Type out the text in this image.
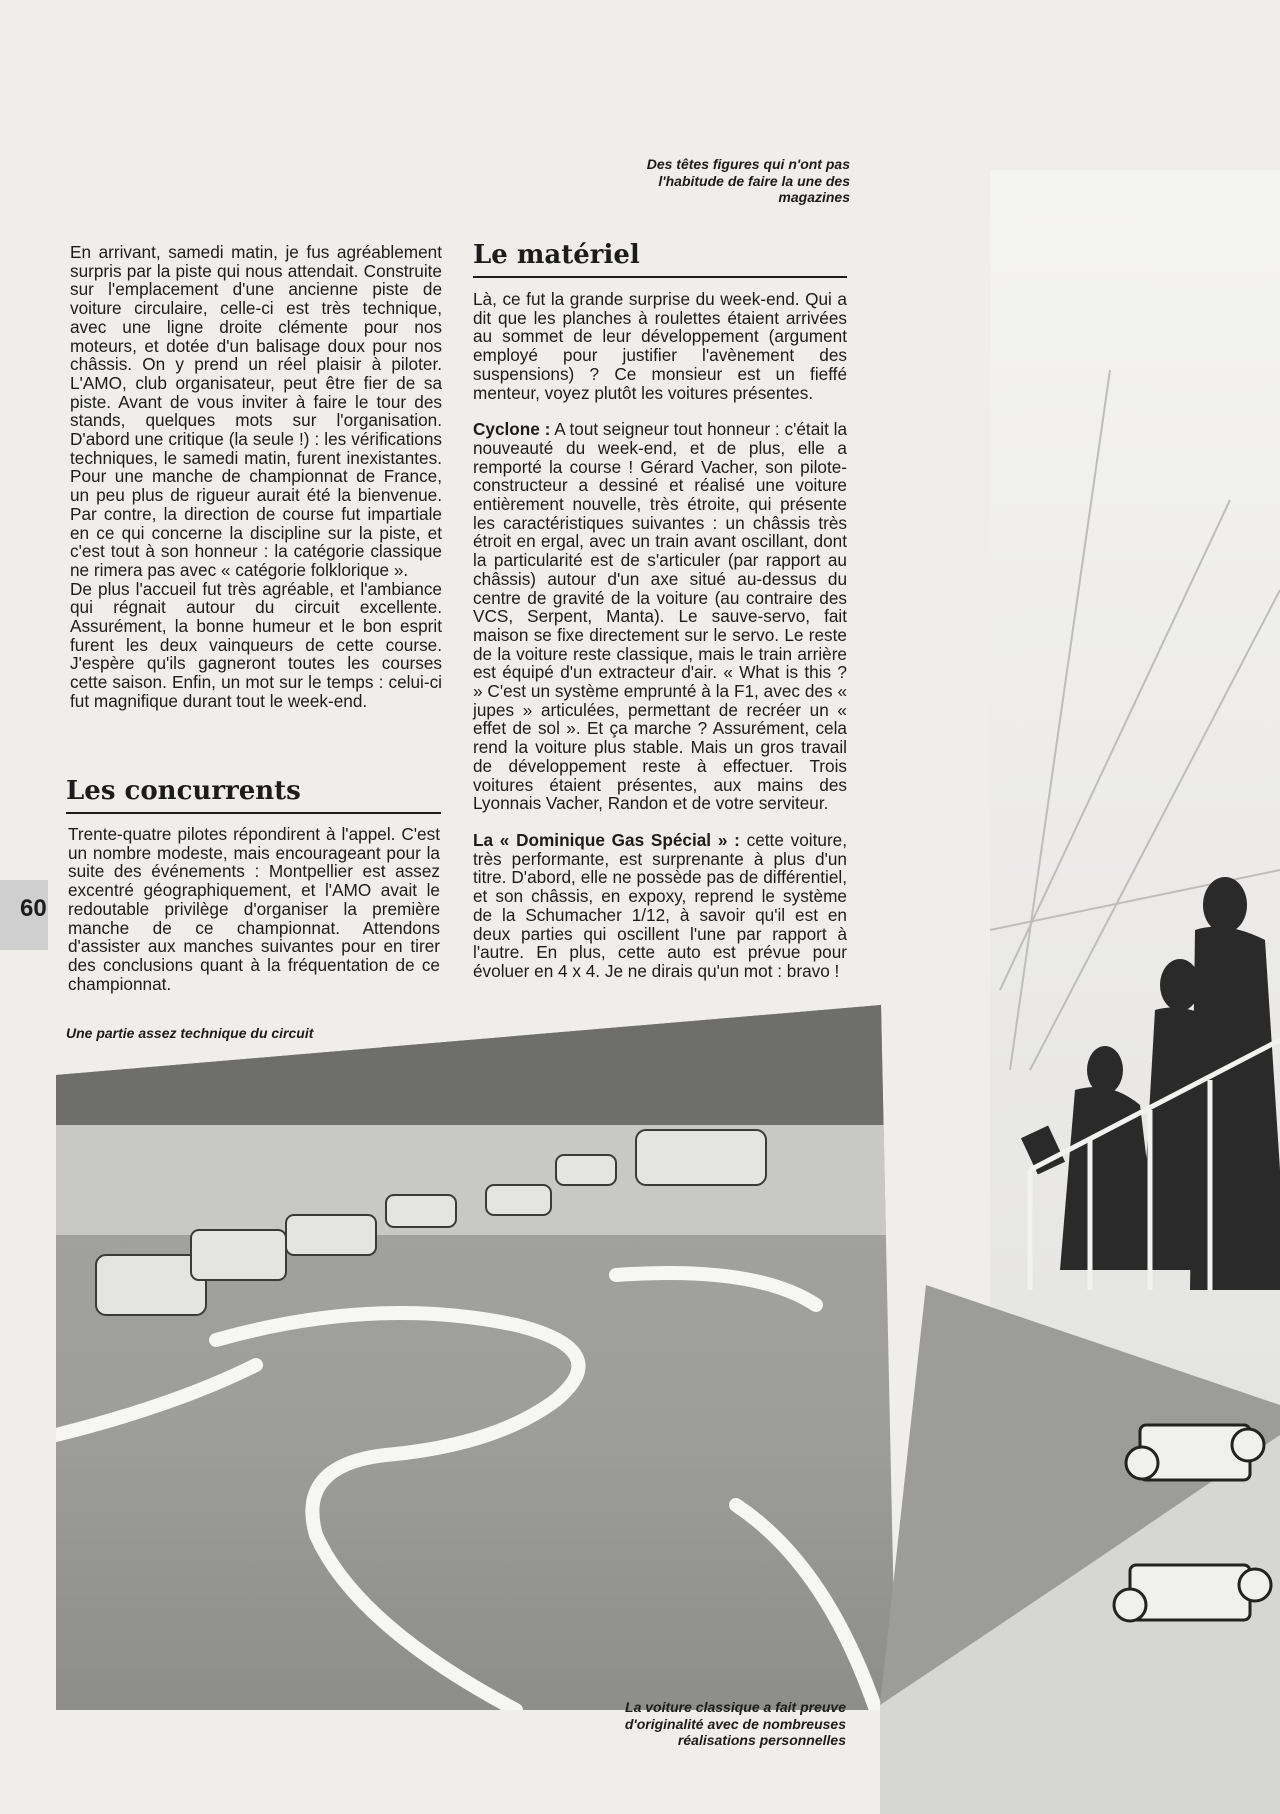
Des têtes figures qui n'ont pas l'habitude de faire la une des magazines

En arrivant, samedi matin, je fus agréablement surpris par la piste qui nous attendait. Construite sur l'emplacement d'une ancienne piste de voiture circulaire, celle-ci est très technique, avec une ligne droite clémente pour nos moteurs, et dotée d'un balisage doux pour nos châssis. On y prend un réel plaisir à piloter. L'AMO, club organisateur, peut être fier de sa piste. Avant de vous inviter à faire le tour des stands, quelques mots sur l'organisation. D'abord une critique (la seule !) : les vérifications techniques, le samedi matin, furent inexistantes. Pour une manche de championnat de France, un peu plus de rigueur aurait été la bienvenue. Par contre, la direction de course fut impartiale en ce qui concerne la discipline sur la piste, et c'est tout à son honneur : la catégorie classique ne rimera pas avec « catégorie folklorique ».

De plus l'accueil fut très agréable, et l'ambiance qui régnait autour du circuit excellente. Assurément, la bonne humeur et le bon esprit furent les deux vainqueurs de cette course. J'espère qu'ils gagneront toutes les courses cette saison. Enfin, un mot sur le temps : celui-ci fut magnifique durant tout le week-end.

Les concurrents

Trente-quatre pilotes répondirent à l'appel. C'est un nombre modeste, mais encourageant pour la suite des événements : Montpellier est assez excentré géographiquement, et l'AMO avait le redoutable privilège d'organiser la première manche de ce championnat. Attendons d'assister aux manches suivantes pour en tirer des conclusions quant à la fréquentation de ce championnat.

Le matériel

Là, ce fut la grande surprise du week-end. Qui a dit que les planches à roulettes étaient arrivées au sommet de leur développement (argument employé pour justifier l'avènement des suspensions) ? Ce monsieur est un fieffé menteur, voyez plutôt les voitures présentes.

Cyclone : A tout seigneur tout honneur : c'était la nouveauté du week-end, et de plus, elle a remporté la course ! Gérard Vacher, son pilote-constructeur a dessiné et réalisé une voiture entièrement nouvelle, très étroite, qui présente les caractéristiques suivantes : un châssis très étroit en ergal, avec un train avant oscillant, dont la particularité est de s'articuler (par rapport au châssis) autour d'un axe situé au-dessus du centre de gravité de la voiture (au contraire des VCS, Serpent, Manta). Le sauve-servo, fait maison se fixe directement sur le servo. Le reste de la voiture reste classique, mais le train arrière est équipé d'un extracteur d'air. « What is this ? » C'est un système emprunté à la F1, avec des « jupes » articulées, permettant de recréer un « effet de sol ». Et ça marche ? Assurément, cela rend la voiture plus stable. Mais un gros travail de développement reste à effectuer. Trois voitures étaient présentes, aux mains des Lyonnais Vacher, Randon et de votre serviteur.

La « Dominique Gas Spécial » : cette voiture, très performante, est surprenante à plus d'un titre. D'abord, elle ne possède pas de différentiel, et son châssis, en expoxy, reprend le système de la Schumacher 1/12, à savoir qu'il est en deux parties qui oscillent l'une par rapport à l'autre. En plus, cette auto est prévue pour évoluer en 4 x 4. Je ne dirais qu'un mot : bravo !

Une partie assez technique du circuit
La voiture classique a fait preuve d'originalité avec de nombreuses réalisations personnelles
60
